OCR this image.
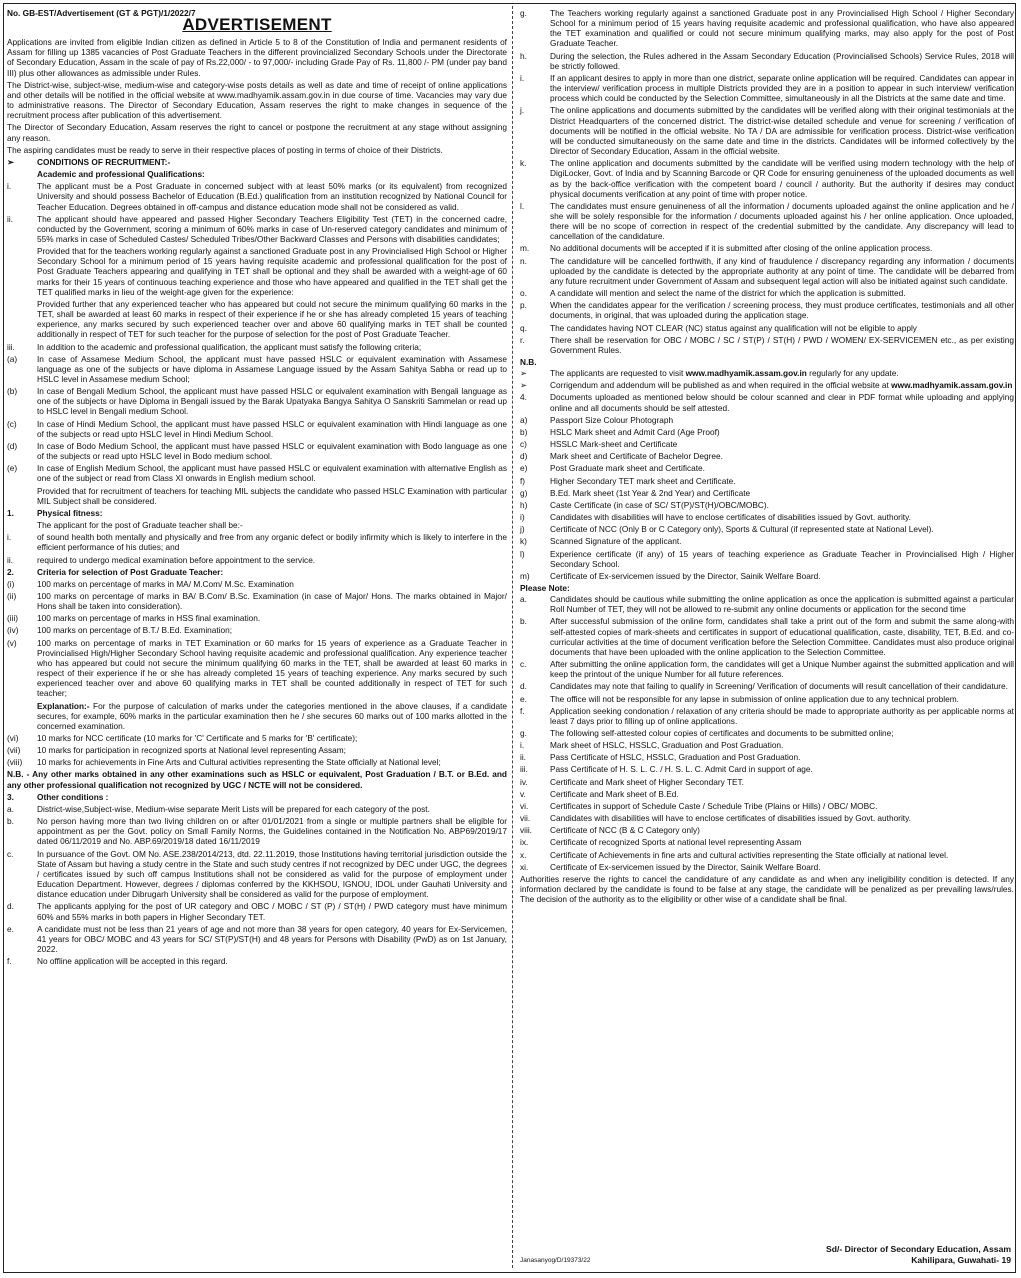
No. GB-EST/Advertisement (GT & PGT)/1/2022/7
ADVERTISEMENT

Applications are invited from eligible Indian citizen as defined in Article 5 to 8 of the Constitution of India and permanent residents of Assam for filling up 1385 vacancies of Post Graduate Teachers in the different provincialized Secondary Schools under the Directorate of Secondary Education, Assam in the scale of pay of Rs.22,000/ - to 97,000/- including Grade Pay of Rs. 11,800 /- PM (under pay band III) plus other allowances as admissible under Rules.

The District-wise, subject-wise, medium-wise and category-wise posts details as well as date and time of receipt of online applications and other details will be notified in the official website at www.madhyamik.assam.gov.in in due course of time. Vacancies may vary due to administrative reasons. The Director of Secondary Education, Assam reserves the right to make changes in sequence of the recruitment process after publication of this advertisement.

The Director of Secondary Education, Assam reserves the right to cancel or postpone the recruitment at any stage without assigning any reason.

The aspiring candidates must be ready to serve in their respective places of posting in terms of choice of their Districts.

➢	CONDITIONS OF RECRUITMENT:-
Academic and professional Qualifications:
i.	The applicant must be a Post Graduate in concerned subject with at least 50% marks (or its equivalent) from recognized University and should possess Bachelor of Education (B.Ed.) qualification from an institution recognized by National Council for Teacher Education. Degrees obtained in off-campus and distance education mode shall not be considered as valid.
ii.	The applicant should have appeared and passed Higher Secondary Teachers Eligibility Test (TET) in the concerned cadre, conducted by the Government, scoring a minimum of 60% marks in case of Un-reserved category candidates and minimum of 55% marks in case of Scheduled Castes/ Scheduled Tribes/Other Backward Classes and Persons with disabilities candidates;
Provided that for the teachers working regularly against a sanctioned Graduate post in any Provincialised High School or Higher Secondary School for a minimum period of 15 years having requisite academic and professional qualification for the post of Post Graduate Teachers appearing and qualifying in TET shall be optional and they shall be awarded with a weight-age of 60 marks for their 15 years of continuous teaching experience and those who have appeared and qualified in the TET shall get the TET qualified marks in lieu of the weight-age given for the experience:
Provided further that any experienced teacher who has appeared but could not secure the minimum qualifying 60 marks in the TET, shall be awarded at least 60 marks in respect of their experience if he or she has already completed 15 years of teaching experience, any marks secured by such experienced teacher over and above 60 qualifying marks in TET shall be counted additionally in respect of TET for such teacher for the purpose of selection for the post of Post Graduate Teacher.
iii.	In addition to the academic and professional qualification, the applicant must satisfy the following criteria;
(a)	In case of Assamese Medium School, the applicant must have passed HSLC or equivalent examination with Assamese language as one of the subjects or have diploma in Assamese Language issued by the Assam Sahitya Sabha or read up to HSLC level in Assamese medium School;
(b)	In case of Bengali Medium School, the applicant must have passed HSLC or equivalent examination with Bengali language as one of the subjects or have Diploma in Bengali issued by the Barak Upatyaka Bangya Sahitya O Sanskriti Sammelan or read up to HSLC level in Bengali medium School.
(c)	In case of Hindi Medium School, the applicant must have passed HSLC or equivalent examination with Hindi language as one of the subjects or read upto HSLC level in Hindi Medium School.
(d)	In case of Bodo Medium School, the applicant must have passed HSLC or equivalent examination with Bodo language as one of the subjects or read upto HSLC level in Bodo medium school.
(e)	In case of English Medium School, the applicant must have passed HSLC or equivalent examination with alternative English as one of the subject or read from Class XI onwards in English medium school.
Provided that for recruitment of teachers for teaching MIL subjects the candidate who passed HSLC Examination with particular MIL Subject shall be considered.
1.	Physical fitness:
The applicant for the post of Graduate teacher shall be:-
i.	of sound health both mentally and physically and free from any organic defect or bodily infirmity which is likely to interfere in the efficient performance of his duties; and
ii.	required to undergo medical examination before appointment to the service.
2.	Criteria for selection of Post Graduate Teacher:
(i)	100 marks on percentage of marks in MA/ M.Com/ M.Sc. Examination
(ii)	100 marks on percentage of marks in BA/ B.Com/ B.Sc. Examination (in case of Major/ Hons. The marks obtained in Major/ Hons shall be taken into consideration).
(iii)	100 marks on percentage of marks in HSS final examination.
(iv)	100 marks on percentage of B.T./ B.Ed. Examination;
(v)	100 marks on percentage of marks in TET Examination or 60 marks for 15 years of experience as a Graduate Teacher in Provincialised High/Higher Secondary School having requisite academic and professional qualification. Any experience teacher who has appeared but could not secure the minimum qualifying 60 marks in the TET, shall be awarded at least 60 marks in respect of their experience if he or she has already completed 15 years of teaching experience. Any marks secured by such experienced teacher over and above 60 qualifying marks in TET shall be counted additionally in respect of TET for such teacher;
Explanation:- For the purpose of calculation of marks under the categories mentioned in the above clauses, if a candidate secures, for example, 60% marks in the particular examination then he / she secures 60 marks out of 100 marks allotted in the concerned examination.
(vi)	10 marks for NCC certificate (10 marks for 'C' Certificate and 5 marks for 'B' certificate);
(vii)	10 marks for participation in recognized sports at National level representing Assam;
(viii)	10 marks for achievements in Fine Arts and Cultural activities representing the State officially at National level;
N.B. - Any other marks obtained in any other examinations such as HSLC or equivalent, Post Graduation / B.T. or B.Ed. and any other professional qualification not recognized by UGC / NCTE will not be considered.
3.	Other conditions :
a.	District-wise,Subject-wise, Medium-wise separate Merit Lists will be prepared for each category of the post.
b.	No person having more than two living children on or after 01/01/2021 from a single or multiple partners shall be eligible for appointment as per the Govt. policy on Small Family Norms, the Guidelines contained in the Notification No. ABP69/2019/17 dated 06/11/2019 and No. ABP.69/2019/18 dated 16/11/2019
c.	In pursuance of the Govt. OM No. ASE.238/2014/213, dtd. 22.11.2019, those Institutions having territorial jurisdiction outside the State of Assam but having a study centre in the State and such study centres if not recognized by DEC under UGC, the degrees / certificates issued by such off campus Institutions shall not be considered as valid for the purpose of employment under Education Department. However, degrees / diplomas conferred by the KKHSOU, IGNOU, IDOL under Gauhati University and distance education under Dibrugarh University shall be considered as valid for the purpose of employment.
d.	The applicants applying for the post of UR category and OBC / MOBC / ST (P) / ST(H) / PWD category must have minimum 60% and 55% marks in both papers in Higher Secondary TET.
e.	A candidate must not be less than 21 years of age and not more than 38 years for open category, 40 years for Ex-Servicemen, 41 years for OBC/ MOBC and 43 years for SC/ ST(P)/ST(H) and 48 years for Persons with Disability (PwD) as on 1st January, 2022.
f.	No offline application will be accepted in this regard.
g.	The Teachers working regularly against a sanctioned Graduate post in any Provincialised High School / Higher Secondary School for a minimum period of 15 years having requisite academic and professional qualification, who have also appeared the TET examination and qualified or could not secure minimum qualifying marks, may also apply for the post of Post Graduate Teacher.
h.	During the selection, the Rules adhered in the Assam Secondary Education (Provincialised Schools) Service Rules, 2018 will be strictly followed.
i.	If an applicant desires to apply in more than one district, separate online application will be required. Candidates can appear in the interview/ verification process in multiple Districts provided they are in a position to appear in such interview/ verification process which could be conducted by the Selection Committee, simultaneously in all the Districts at the same date and time.
j.	The online applications and documents submitted by the candidates will be verified along with their original testimonials at the District Headquarters of the concerned district. The district-wise detailed schedule and venue for screening / verification of documents will be notified in the official website. No TA / DA are admissible for verification process. District-wise verification will be conducted simultaneously on the same date and time in the districts. Candidates will be informed collectively by the Director of Secondary Education, Assam in the official website.
k.	The online application and documents submitted by the candidate will be verified using modern technology with the help of DigiLocker, Govt. of India and by Scanning Barcode or QR Code for ensuring genuineness of the uploaded documents as well as by the back-office verification with the competent board / council / authority. But the authority if desires may conduct physical documents verification at any point of time with proper notice.
l.	The candidates must ensure genuineness of all the information / documents uploaded against the online application and he / she will be solely responsible for the information / documents uploaded against his / her online application. Once uploaded, there will be no scope of correction in respect of the credential submitted by the candidate. Any discrepancy will lead to cancellation of the candidature.
m.	No additional documents will be accepted if it is submitted after closing of the online application process.
n.	The candidature will be cancelled forthwith, if any kind of fraudulence / discrepancy regarding any information / documents uploaded by the candidate is detected by the appropriate authority at any point of time. The candidate will be debarred from any future recruitment under Government of Assam and subsequent legal action will also be initiated against such candidate.
o.	A candidate will mention and select the name of the district for which the application is submitted.
p.	When the candidates appear for the verification / screening process, they must produce certificates, testimonials and all other documents, in original, that was uploaded during the application stage.
q.	The candidates having NOT CLEAR (NC) status against any qualification will not be eligible to apply
r.	There shall be reservation for OBC / MOBC / SC / ST(P) / ST(H) / PWD / WOMEN/ EX-SERVICEMEN etc., as per existing Government Rules.
N.B.
➢	The applicants are requested to visit www.madhyamik.assam.gov.in regularly for any update.
➢	Corrigendum and addendum will be published as and when required in the official website at www.madhyamik.assam.gov.in
4.	Documents uploaded as mentioned below should be colour scanned and clear in PDF format while uploading and applying online and all documents should be self attested.
a)	Passport Size Colour Photograph
b)	HSLC Mark sheet and Admit Card (Age Proof)
c)	HSSLC Mark-sheet and Certificate
d)	Mark sheet and Certificate of Bachelor Degree.
e)	Post Graduate mark sheet and Certificate.
f)	Higher Secondary TET mark sheet and Certificate.
g)	B.Ed. Mark sheet (1st Year & 2nd Year) and Certificate
h)	Caste Certificate (in case of SC/ ST(P)/ST(H)/OBC/MOBC).
i)	Candidates with disabilities will have to enclose certificates of disabilities issued by Govt. authority.
j)	Certificate of NCC (Only B or C Category only), Sports & Cultural (if represented state at National Level).
k)	Scanned Signature of the applicant.
l)	Experience certificate (if any) of 15 years of teaching experience as Graduate Teacher in Provincialised High / Higher Secondary School.
m)	Certificate of Ex-servicemen issued by the Director, Sainik Welfare Board.
Please Note:
a.	Candidates should be cautious while submitting the online application as once the application is submitted against a particular Roll Number of TET, they will not be allowed to re-submit any online documents or application for the second time
b.	After successful submission of the online form, candidates shall take a print out of the form and submit the same along-with self-attested copies of mark-sheets and certificates in support of educational qualification, caste, disability, TET, B.Ed. and co-curricular activities at the time of document verification before the Selection Committee. Candidates must also produce original documents that have been uploaded with the online application to the Selection Committee.
c.	After submitting the online application form, the candidates will get a Unique Number against the submitted application and will keep the printout of the unique Number for all future references.
d.	Candidates may note that failing to qualify in Screening/ Verification of documents will result cancellation of their candidature.
e.	The office will not be responsible for any lapse in submission of online application due to any technical problem.
f.	Application seeking condonation / relaxation of any criteria should be made to appropriate authority as per applicable norms at least 7 days prior to filling up of online applications.
g.	The following self-attested colour copies of certificates and documents to be submitted online;
i.	Mark sheet of HSLC, HSSLC, Graduation and Post Graduation.
ii.	Pass Certificate of HSLC, HSSLC, Graduation and Post Graduation.
iii.	Pass Certificate of H. S. L. C. / H. S. L. C. Admit Card in support of age.
iv.	Certificate and Mark sheet of Higher Secondary TET.
v.	Certificate and Mark sheet of B.Ed.
vi.	Certificates in support of Schedule Caste / Schedule Tribe (Plains or Hills) / OBC/ MOBC.
vii.	Candidates with disabilities will have to enclose certificates of disabilities issued by Govt. authority.
viii.	Certificate of NCC (B & C Category only)
ix.	Certificate of recognized Sports at national level representing Assam
x.	Certificate of Achievements in fine arts and cultural activities representing the State officially at national level.
xi.	Certificate of Ex-servicemen issued by the Director, Sainik Welfare Board.

Authorities reserve the rights to cancel the candidature of any candidate as and when any ineligibility condition is detected. If any information declared by the candidate is found to be false at any stage, the candidate will be penalized as per prevailing laws/rules. The decision of the authority as to the eligibility or other wise of a candidate shall be final.

Janasanyog/D/19373/22
Sd/- Director of Secondary Education, Assam
Kahilipara, Guwahati- 19
